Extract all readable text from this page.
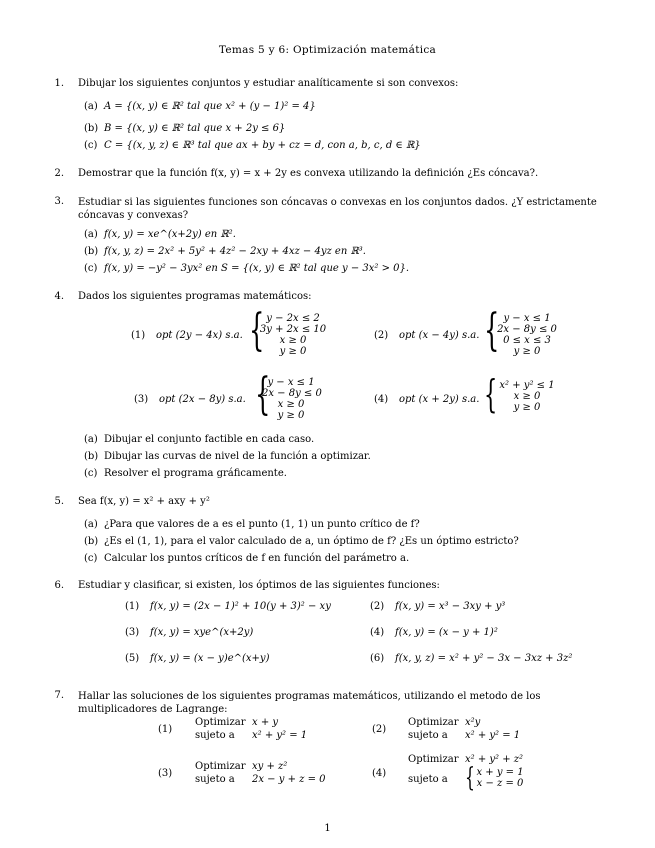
Temas 5 y 6: Optimización matemática
1. Dibujar los siguientes conjuntos y estudiar analíticamente si son convexos:
(a) A = {(x, y) ∈ ℝ² tal que x² + (y − 1)² = 4}
(b) B = {(x, y) ∈ ℝ² tal que x + 2y ≤ 6}
(c) C = {(x, y, z) ∈ ℝ³ tal que ax + by + cz = d, con a, b, c, d ∈ ℝ}
2. Demostrar que la función f(x, y) = x + 2y es convexa utilizando la definición ¿Es cóncava?.
3. Estudiar si las siguientes funciones son cóncavas o convexas en los conjuntos dados. ¿Y estrictamente cóncavas y convexas?
(a) f(x, y) = xe^(x+2y) en ℝ².
(b) f(x, y, z) = 2x² + 5y² + 4z² − 2xy + 4xz − 4yz en ℝ³.
(c) f(x, y) = −y² − 3yx² en S = {(x, y) ∈ ℝ² tal que y − 3x² > 0}.
4. Dados los siguientes programas matemáticos:
(1) opt (2y − 4x) s.a. { y − 2x ≤ 2
3y + 2x ≤ 10
x ≥ 0
y ≥ 0
(2) opt (x − 4y) s.a. { y − x ≤ 1
2x − 8y ≤ 0
0 ≤ x ≤ 3
y ≥ 0
(3) opt (2x − 8y) s.a. {
y − x ≤ 1
2x − 8y ≤ 0
x ≥ 0
y ≥ 0
(4) opt (x + 2y) s.a. { x² + y² ≤ 1
x ≥ 0
y ≥ 0
(a) Dibujar el conjunto factible en cada caso.
(b) Dibujar las curvas de nivel de la función a optimizar.
(c) Resolver el programa gráficamente.
5. Sea f(x, y) = x² + axy + y²
(a) ¿Para que valores de a es el punto (1, 1) un punto crítico de f?
(b) ¿Es el (1, 1), para el valor calculado de a, un óptimo de f? ¿Es un óptimo estricto?
(c) Calcular los puntos críticos de f en función del parámetro a.
6. Estudiar y clasificar, si existen, los óptimos de las siguientes funciones:
(1) f(x, y) = (2x − 1)² + 10(y + 3)² − xy	(2) f(x, y) = x³ − 3xy + y³
(3) f(x, y) = xye^(x+2y)	(4) f(x, y) = (x − y + 1)²
(5) f(x, y) = (x − y)e^(x+y)	(6) f(x, y, z) = x² + y² − 3x − 3xz + 3z²
7. Hallar las soluciones de los siguientes programas matemáticos, utilizando el metodo de los multiplicadores de Lagrange:
(1)
Optimizar x + y
sujeto a x² + y² = 1
(2)
Optimizar x²y
sujeto a x² + y² = 1
(3)
Optimizar xy + z²
sujeto a 2x − y + z = 0
(4)
Optimizar x² + y² + z²
sujeto a { x + y = 1
x − z = 0
1
